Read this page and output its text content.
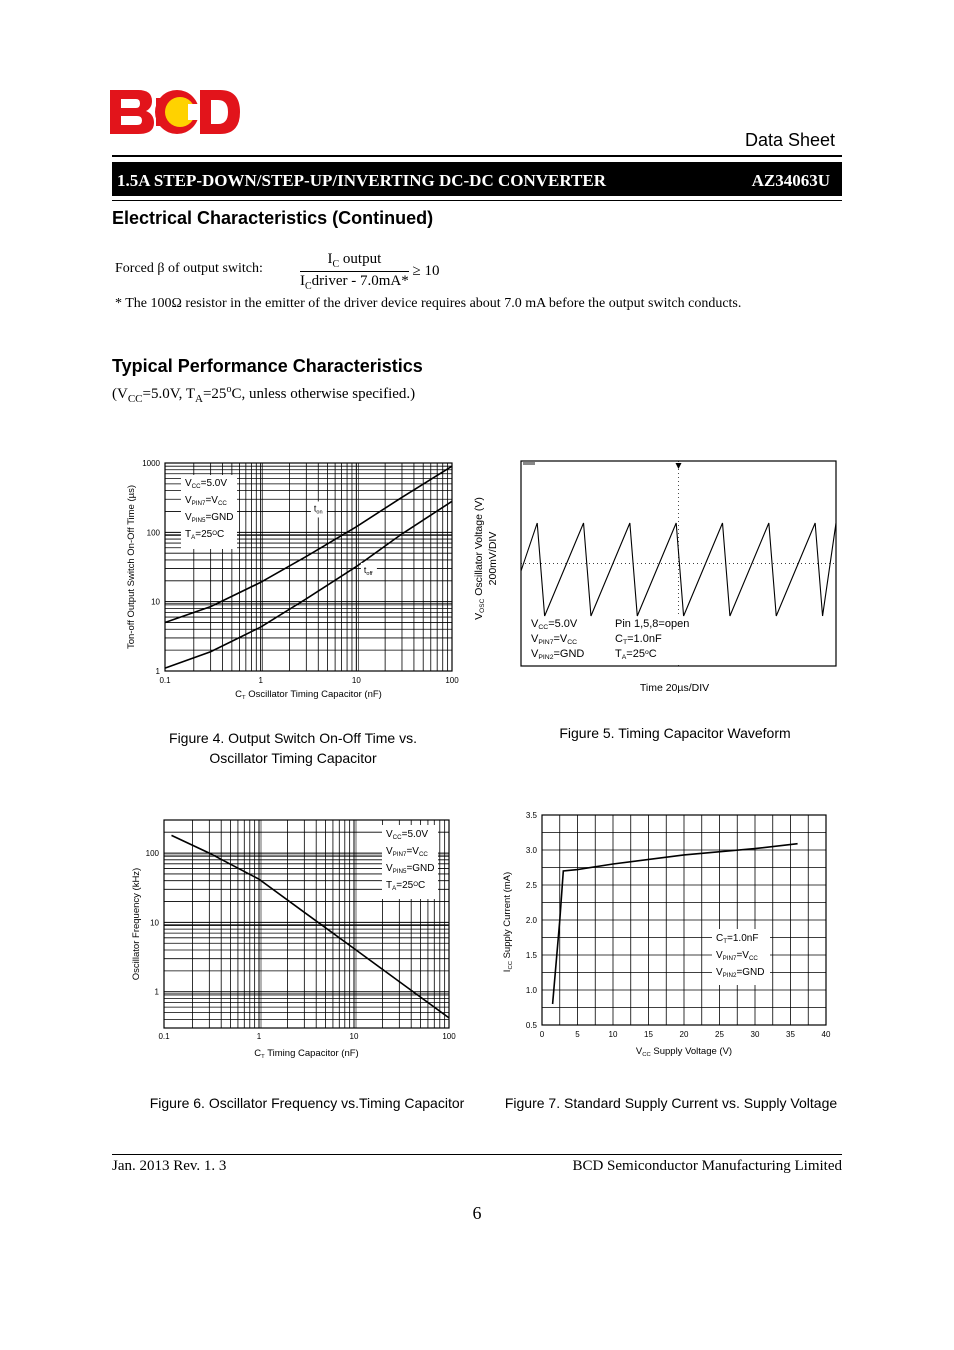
Data Sheet
1.5A STEP-DOWN/STEP-UP/INVERTING DC-DC CONVERTER	AZ34063U
Electrical Characteristics (Continued)
Forced β of output switch: $\frac{I_C output}{I_Cdriver - 7.0mA*} \ge 10$
* The 100Ω resistor in the emitter of the driver device requires about 7.0 mA before the output switch conducts.
Typical Performance Characteristics
($V_{CC}=5.0V$, $T_A=25^oC$, unless otherwise specified.)
0.1	1	10	100
1
10
100
1000
CT Oscillator Timing Capacitor (nF)
Ton-off Output Switch On-Off Time (µs)
VCC=5.0V
VPIN7=VCC
VPIN5=GND
TA=25OC
ton
toff
Figure 4. Output Switch On-Off Time vs.
Oscillator Timing Capacitor
VCC=5.0V
VPIN7=VCC
VPIN2=GND
Pin 1,5,8=open
CT=1.0nF
TA=25oC
Time 20µs/DIV
VOSC Oscillator Voltage (V) 200mV/DIV
Figure 5. Timing Capacitor Waveform
0.1	1	10	100
1
10
100
CT Timing Capacitor (nF)
Oscillator Frequency (kHz)
VCC=5.0V
VPIN7=VCC
VPIN5=GND
TA=25OC
Figure 6. Oscillator Frequency vs.Timing Capacitor
0	5	10	15	20	25	30	35	40
0.5
1.0
1.5
2.0
2.5
3.0
3.5
VCC Supply Voltage (V)
ICC Supply Current (mA)	CT=1.0nF
VPIN7=VCC
VPIN2=GND
Figure 7. Standard Supply Current vs. Supply Voltage
Jan. 2013 Rev. 1. 3	BCD Semiconductor Manufacturing Limited
6
